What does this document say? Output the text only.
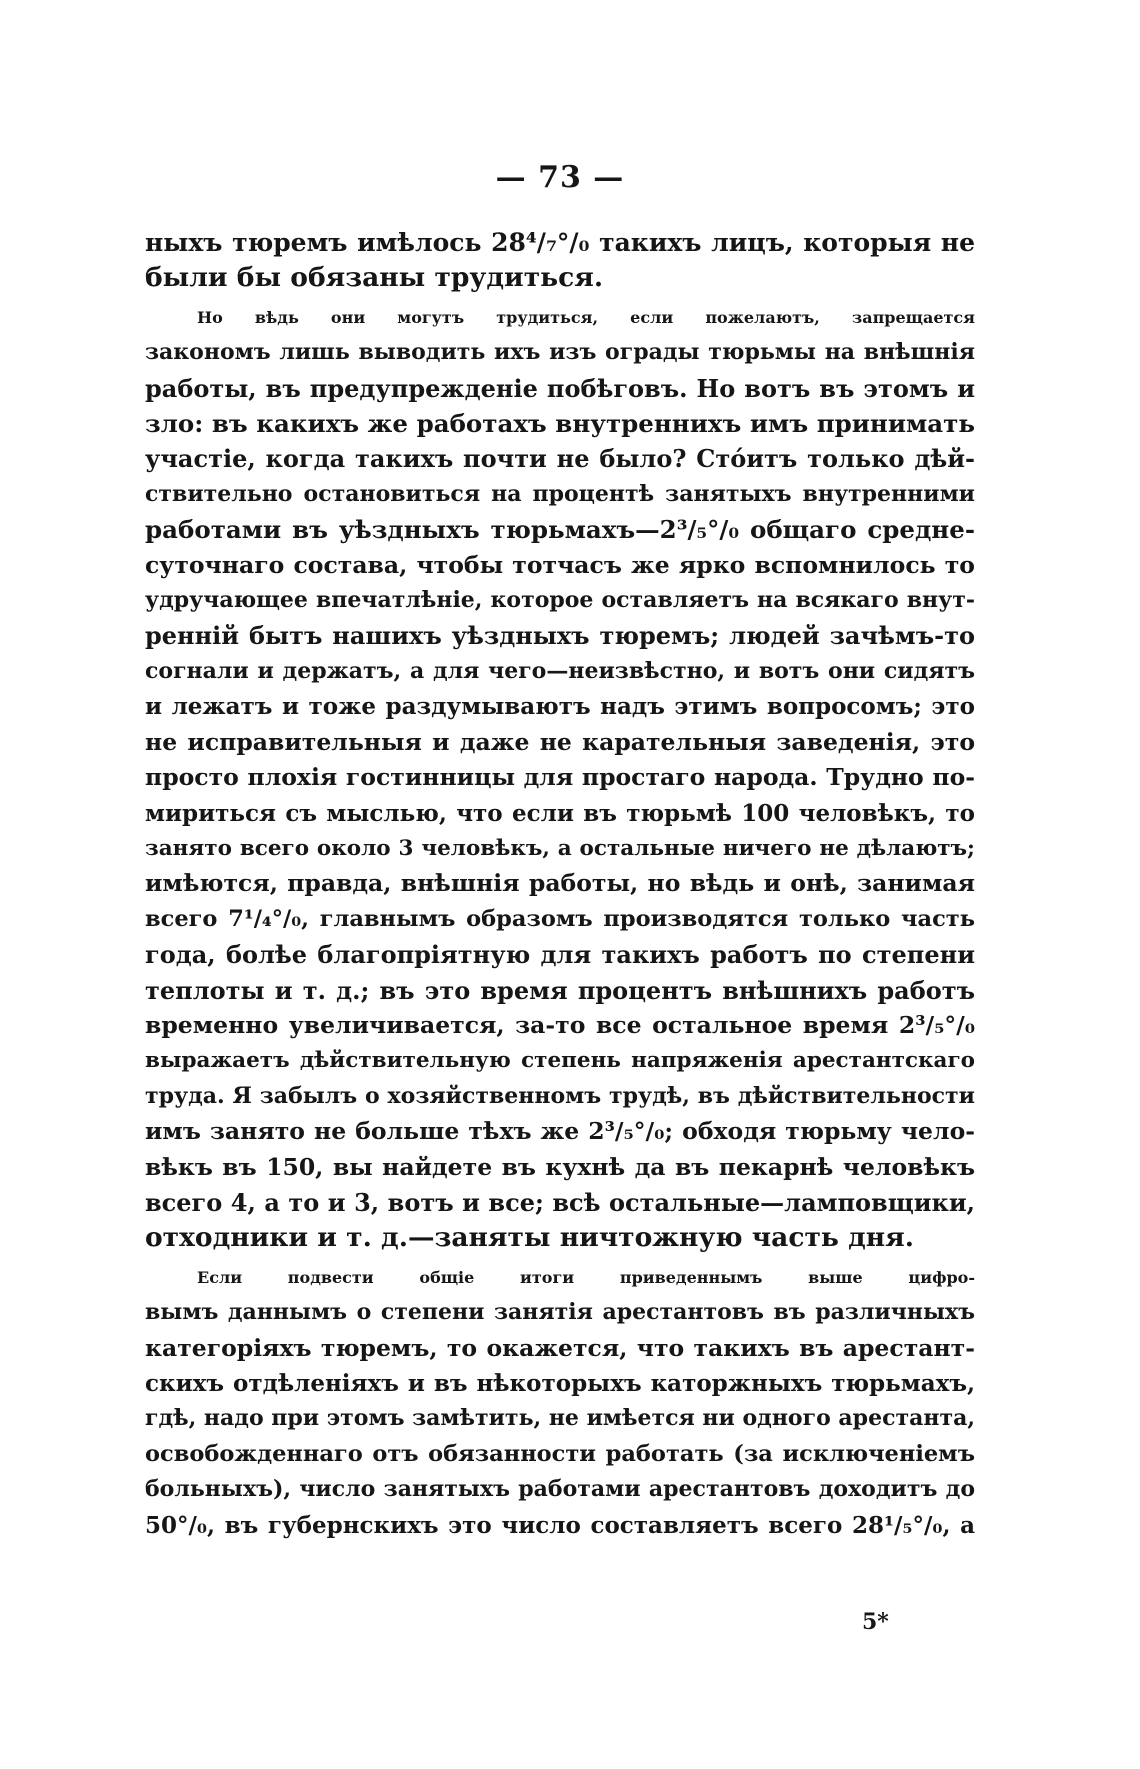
— 73 —
ныхъ тюремъ имѣлось 28⁴/₇°/₀ такихъ лицъ, которыя не
были бы обязаны трудиться.
Но вѣдь они могутъ трудиться, если пожелаютъ, запрещается
закономъ лишь выводить ихъ изъ ограды тюрьмы на внѣшнія
работы, въ предупрежденіе побѣговъ. Но вотъ въ этомъ и
зло: въ какихъ же работахъ внутреннихъ имъ принимать
участіе, когда такихъ почти не было? Стóитъ только дѣй-
ствительно остановиться на процентѣ занятыхъ внутренними
работами въ уѣздныхъ тюрьмахъ—2³/₅°/₀ общаго средне-
суточнаго состава, чтобы тотчасъ же ярко вспомнилось то
удручающее впечатлѣніе, которое оставляетъ на всякаго внут-
ренній бытъ нашихъ уѣздныхъ тюремъ; людей зачѣмъ-то
согнали и держатъ, а для чего—неизвѣстно, и вотъ они сидятъ
и лежатъ и тоже раздумываютъ надъ этимъ вопросомъ; это
не исправительныя и даже не карательныя заведенія, это
просто плохія гостинницы для простаго народа. Трудно по-
мириться съ мыслью, что если въ тюрьмѣ 100 человѣкъ, то
занято всего около 3 человѣкъ, а остальные ничего не дѣлаютъ;
имѣются, правда, внѣшнія работы, но вѣдь и онѣ, занимая
всего 7¹/₄°/₀, главнымъ образомъ производятся только часть
года, болѣе благопріятную для такихъ работъ по степени
теплоты и т. д.; въ это время процентъ внѣшнихъ работъ
временно увеличивается, за-то все остальное время 2³/₅°/₀
выражаетъ дѣйствительную степень напряженія арестантскаго
труда. Я забылъ о хозяйственномъ трудѣ, въ дѣйствительности
имъ занято не больше тѣхъ же 2³/₅°/₀; обходя тюрьму чело-
вѣкъ въ 150, вы найдете въ кухнѣ да въ пекарнѣ человѣкъ
всего 4, а то и 3, вотъ и все; всѣ остальные—ламповщики,
отходники и т. д.—заняты ничтожную часть дня.
Если подвести общіе итоги приведеннымъ выше цифро-
вымъ даннымъ о степени занятія арестантовъ въ различныхъ
категоріяхъ тюремъ, то окажется, что такихъ въ арестант-
скихъ отдѣленіяхъ и въ нѣкоторыхъ каторжныхъ тюрьмахъ,
гдѣ, надо при этомъ замѣтить, не имѣется ни одного арестанта,
освобожденнаго отъ обязанности работать (за исключеніемъ
больныхъ), число занятыхъ работами арестантовъ доходитъ до
50°/₀, въ губернскихъ это число составляетъ всего 28¹/₅°/₀, а
5*
